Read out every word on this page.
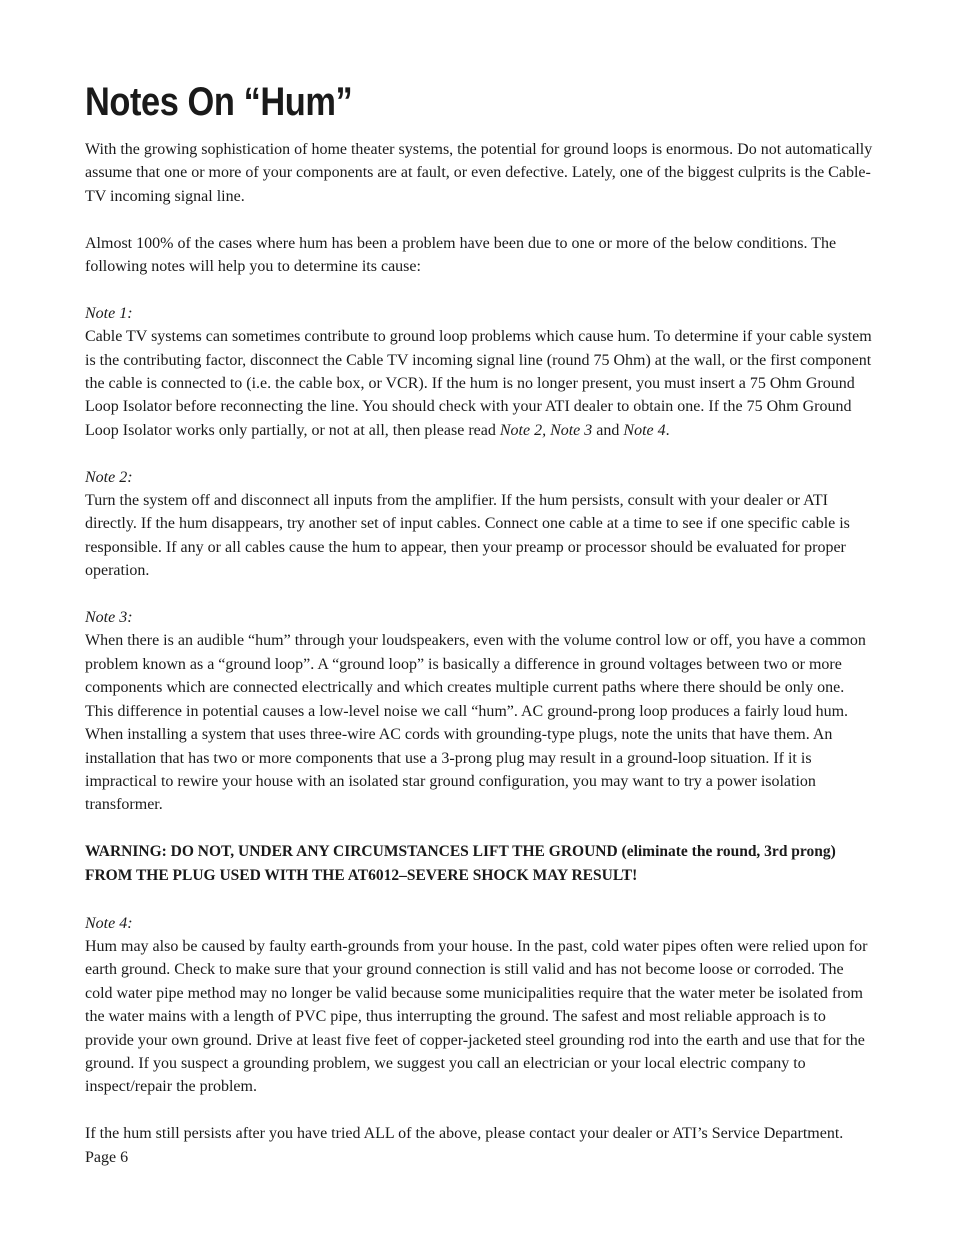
Notes On “Hum”

With the growing sophistication of home theater systems, the potential for ground loops is enormous. Do not automatically assume that one or more of your components are at fault, or even defective. Lately, one of the biggest culprits is the Cable-TV incoming signal line.

Almost 100% of the cases where hum has been a problem have been due to one or more of the below conditions. The following notes will help you to determine its cause:

Note 1:

Cable TV systems can sometimes contribute to ground loop problems which cause hum. To determine if your cable system is the contributing factor, disconnect the Cable TV incoming signal line (round 75 Ohm) at the wall, or the first component the cable is connected to (i.e. the cable box, or VCR). If the hum is no longer present, you must insert a 75 Ohm Ground Loop Isolator before reconnecting the line. You should check with your ATI dealer to obtain one. If the 75 Ohm Ground Loop Isolator works only partially, or not at all, then please read Note 2, Note 3 and Note 4.

Note 2:

Turn the system off and disconnect all inputs from the amplifier. If the hum persists, consult with your dealer or ATI directly. If the hum disappears, try another set of input cables. Connect one cable at a time to see if one specific cable is responsible. If any or all cables cause the hum to appear, then your preamp or processor should be evaluated for proper operation.

Note 3:

When there is an audible “hum” through your loudspeakers, even with the volume control low or off, you have a common problem known as a “ground loop”. A “ground loop” is basically a difference in ground voltages between two or more components which are connected electrically and which creates multiple current paths where there should be only one. This difference in potential causes a low-level noise we call “hum”. AC ground-prong loop produces a fairly loud hum. When installing a system that uses three-wire AC cords with grounding-type plugs, note the units that have them. An installation that has two or more components that use a 3-prong plug may result in a ground-loop situation. If it is impractical to rewire your house with an isolated star ground configuration, you may want to try a power isolation transformer.

WARNING: DO NOT, UNDER ANY CIRCUMSTANCES LIFT THE GROUND (eliminate the round, 3rd prong) FROM THE PLUG USED WITH THE AT6012–SEVERE SHOCK MAY RESULT!

Note 4:

Hum may also be caused by faulty earth-grounds from your house. In the past, cold water pipes often were relied upon for earth ground. Check to make sure that your ground connection is still valid and has not become loose or corroded. The cold water pipe method may no longer be valid because some municipalities require that the water meter be isolated from the water mains with a length of PVC pipe, thus interrupting the ground. The safest and most reliable approach is to provide your own ground. Drive at least five feet of copper-jacketed steel grounding rod into the earth and use that for the ground. If you suspect a grounding problem, we suggest you call an electrician or your local electric company to inspect/repair the problem.

If the hum still persists after you have tried ALL of the above, please contact your dealer or ATI’s Service Department.

Page 6
